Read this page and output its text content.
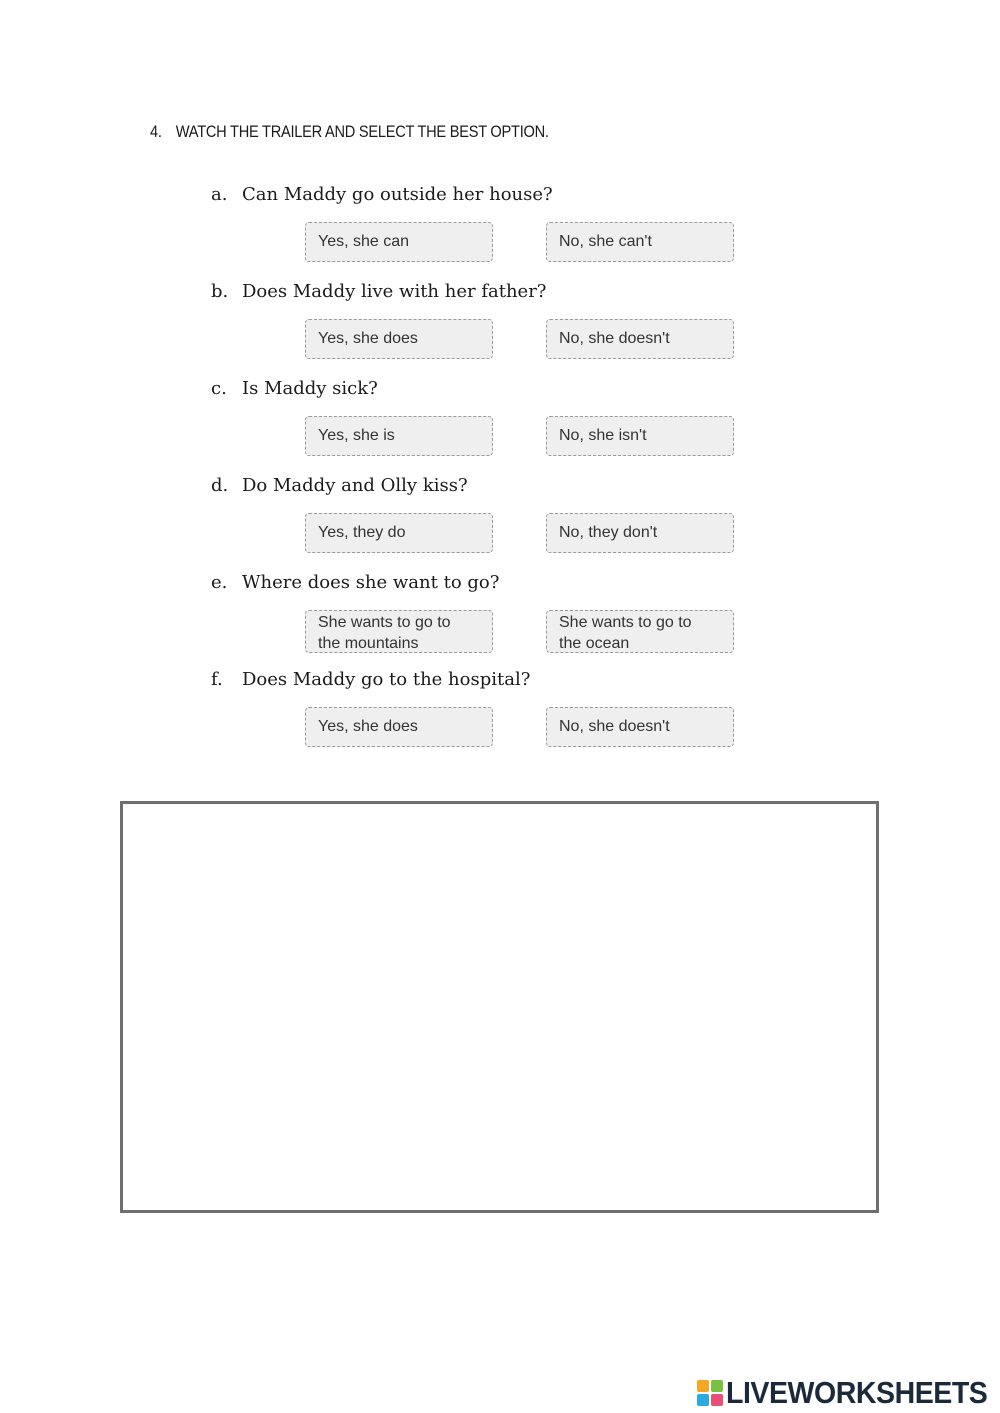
4. WATCH THE TRAILER AND SELECT THE BEST OPTION.
a. Can Maddy go outside her house?
Yes, she can	No, she can't
b. Does Maddy live with her father?
Yes, she does	No, she doesn't
c. Is Maddy sick?
Yes, she is	No, she isn't
d. Do Maddy and Olly kiss?
Yes, they do	No, they don't
e. Where does she want to go?
She wants to go to
the mountains
She wants to go to
the ocean
f. Does Maddy go to the hospital?
Yes, she does	No, she doesn't
LIVEWORKSHEETS
